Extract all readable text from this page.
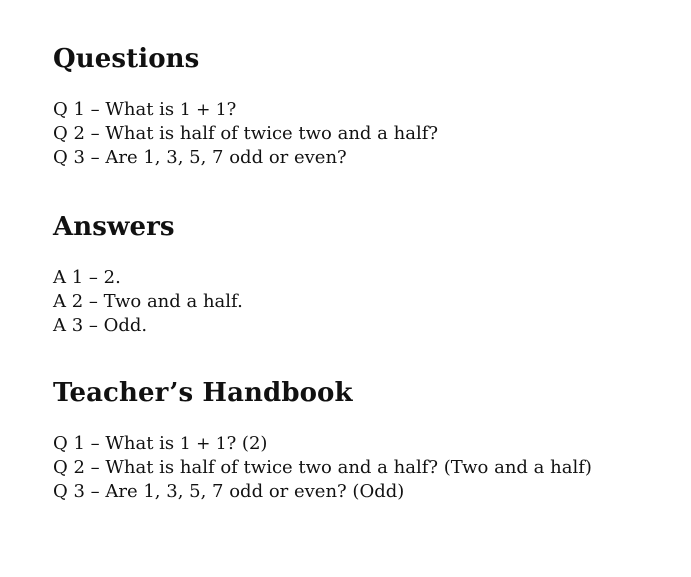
Questions
Q 1 – What is 1 + 1?
Q 2 – What is half of twice two and a half?
Q 3 – Are 1, 3, 5, 7 odd or even?
Answers
A 1 – 2.
A 2 – Two and a half.
A 3 – Odd.
Teacher’s Handbook
Q 1 – What is 1 + 1? (2)
Q 2 – What is half of twice two and a half? (Two and a half)
Q 3 – Are 1, 3, 5, 7 odd or even? (Odd)
